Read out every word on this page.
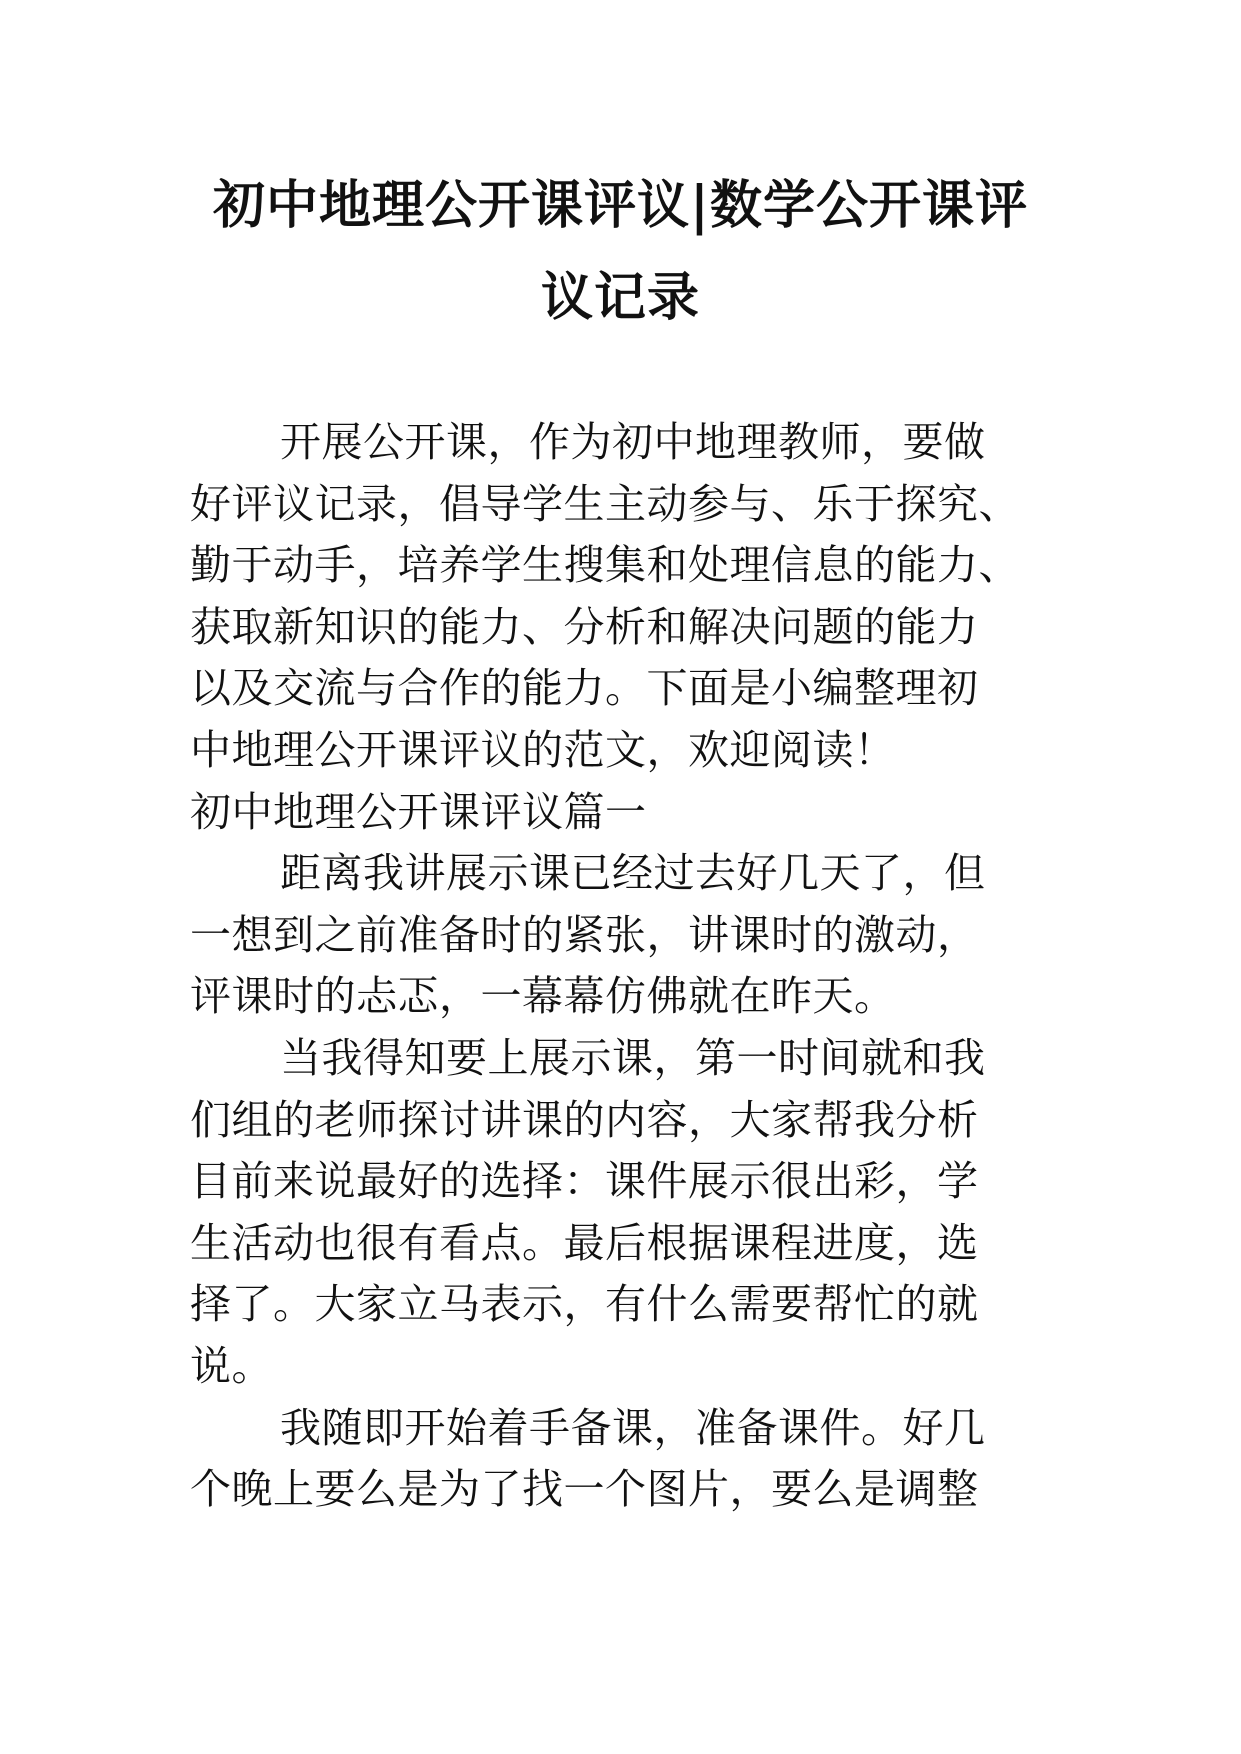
初中地理公开课评议|数学公开课评
议记录
开展公开课，作为初中地理教师，要做
好评议记录，倡导学生主动参与、乐于探究、
勤于动手，培养学生搜集和处理信息的能力、
获取新知识的能力、分析和解决问题的能力
以及交流与合作的能力。下面是小编整理初
中地理公开课评议的范文，欢迎阅读！
初中地理公开课评议篇一
距离我讲展示课已经过去好几天了，但
一想到之前准备时的紧张，讲课时的激动，
评课时的忐忑，一幕幕仿佛就在昨天。
当我得知要上展示课，第一时间就和我
们组的老师探讨讲课的内容，大家帮我分析
目前来说最好的选择：课件展示很出彩，学
生活动也很有看点。最后根据课程进度，选
择了。大家立马表示，有什么需要帮忙的就
说。
我随即开始着手备课，准备课件。好几
个晚上要么是为了找一个图片，要么是调整
